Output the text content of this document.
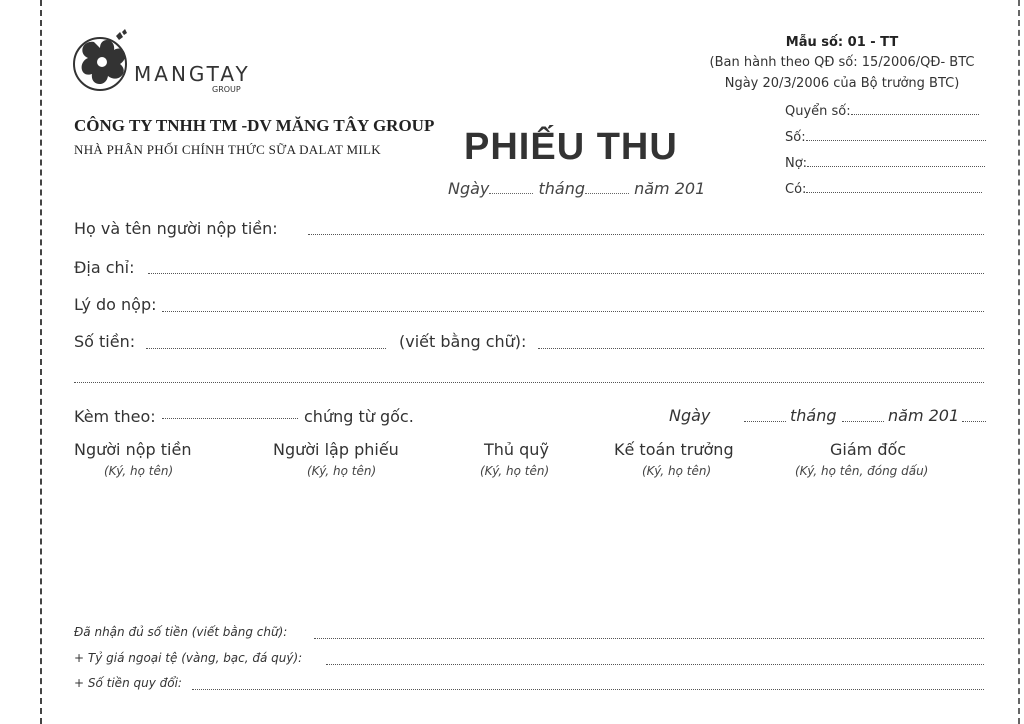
MANGTAY
GROUP
CÔNG TY TNHH TM -DV MĂNG TÂY GROUP
NHÀ PHÂN PHỐI CHÍNH THỨC SỮA DALAT MILK
Mẫu số: 01 - TT
(Ban hành theo QĐ số: 15/2006/QĐ- BTC
Ngày 20/3/2006 của Bộ trưởng BTC)
Quyển số:
Số:
Nợ:
Có:
PHIẾU THU
Ngày	tháng	năm 201
Họ và tên người nộp tiền:
Địa chỉ:
Lý do nộp:
Số tiền:	(viết bằng chữ):
Kèm theo:	chứng từ gốc.	Ngày	tháng	năm 201
Người nộp tiền
(Ký, họ tên)
Người lập phiếu
(Ký, họ tên)
Thủ quỹ
(Ký, họ tên)
Kế toán trưởng
(Ký, họ tên)
Giám đốc
(Ký, họ tên, đóng dấu)
Đã nhận đủ số tiền (viết bằng chữ):
+ Tỷ giá ngoại tệ (vàng, bạc, đá quý):
+ Số tiền quy đổi:
